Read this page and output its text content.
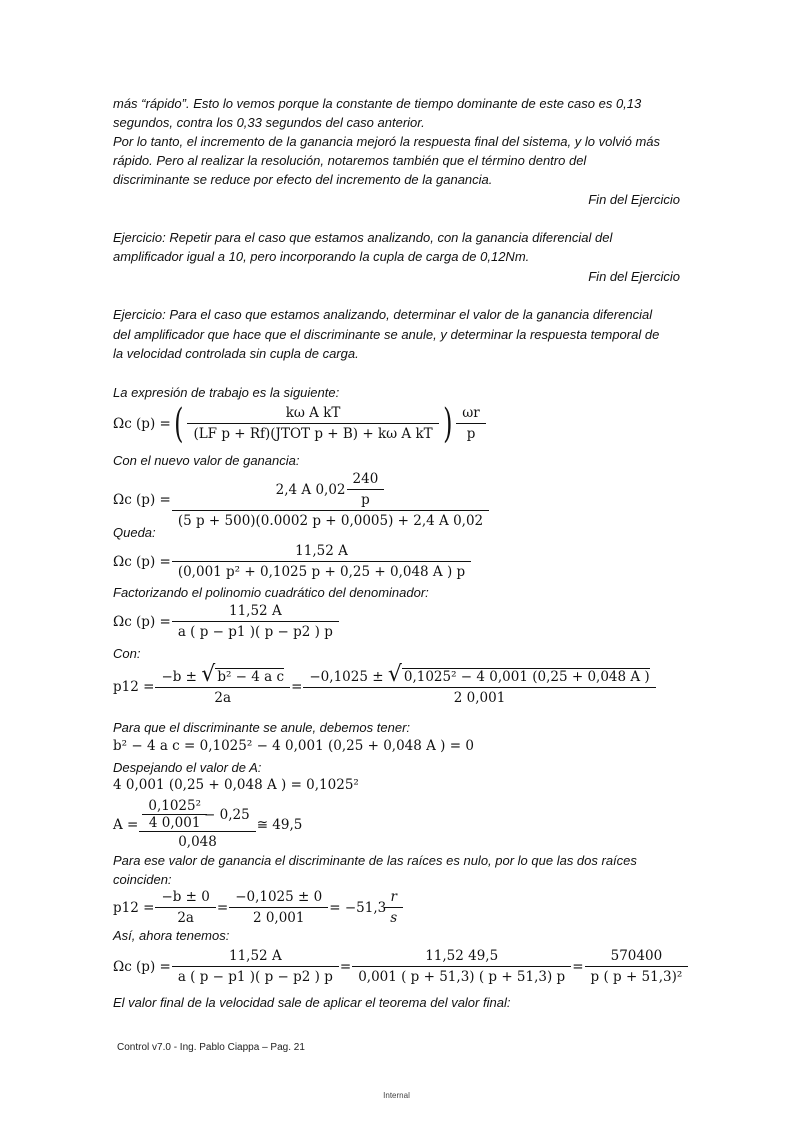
más “rápido”. Esto lo vemos porque la constante de tiempo dominante de este caso es 0,13
segundos, contra los 0,33 segundos del caso anterior.
Por lo tanto, el incremento de la ganancia mejoró la respuesta final del sistema, y lo volvió más
rápido. Pero al realizar la resolución, notaremos también que el término dentro del
discriminante se reduce por efecto del incremento de la ganancia.
Fin del Ejercicio
Ejercicio: Repetir para el caso que estamos analizando, con la ganancia diferencial del
amplificador igual a 10, pero incorporando la cupla de carga de 0,12Nm.
Fin del Ejercicio
Ejercicio: Para el caso que estamos analizando, determinar el valor de la ganancia diferencial
del amplificador que hace que el discriminante se anule, y determinar la respuesta temporal de
la velocidad controlada sin cupla de carga.
La expresión de trabajo es la siguiente:
Ωc (p) = (	kω A kT
(LF p + Rf)(JTOT p + B) + kω A kT ) $\frac{\omega r}{p}$
Con el nuevo valor de ganancia:
Ωc $(p) = \frac{2,4 A 0,02 \frac{240}{p}}{(5 p + 500)(0.0002 p + 0,0005) + 2,4 A 0,02}$
Queda:
Ωc $(p) = \frac{11,52 A}{\text{(0,001 p² + 0,1025 p + 0,25 + 0,048 A ) p}}$
Factorizando el polinomio cuadrático del denominador:
Ωc $(p) = \frac{11,52 A}{a ( p - p1 )( p - p2 ) p}$
Con:
$p12 = \frac{\text{−b ± √ b² − 4 a c}}{2a} = \frac{\text{−0,1025 ± √ 0,1025² − 4 0,001 (0,25 + 0,048 A )}}{2 0,001}$
Para que el discriminante se anule, debemos tener:
b² − 4 a c = 0,1025² − 4 0,001 (0,25 + 0,048 A ) = 0
Despejando el valor de A:
4 0,001 (0,25 + 0,048 A ) = 0,1025²
$A = \frac{\frac{\text{0,1025²}}{4 0,001} - 0,25}{0,048}$ ≅ 49,5
Para ese valor de ganancia el discriminante de las raíces es nulo, por lo que las dos raíces
coinciden:
$p12 = \frac{-b \pm 0}{2a} = \frac{-0,1025 \pm 0}{2 0,001} = -51,3 \frac{r}{s}$
Así, ahora tenemos:
Ωc $(p) = \frac{11,52 A}{a ( p - p1 )( p - p2 ) p} = \frac{11,52 49,5}{0,001 ( p + 51,3) ( p + 51,3) p} = \frac{570400}{\text{p ( p + 51,3)²}}$
El valor final de la velocidad sale de aplicar el teorema del valor final:
Control v7.0 - Ing. Pablo Ciappa – Pag. 21
Internal
